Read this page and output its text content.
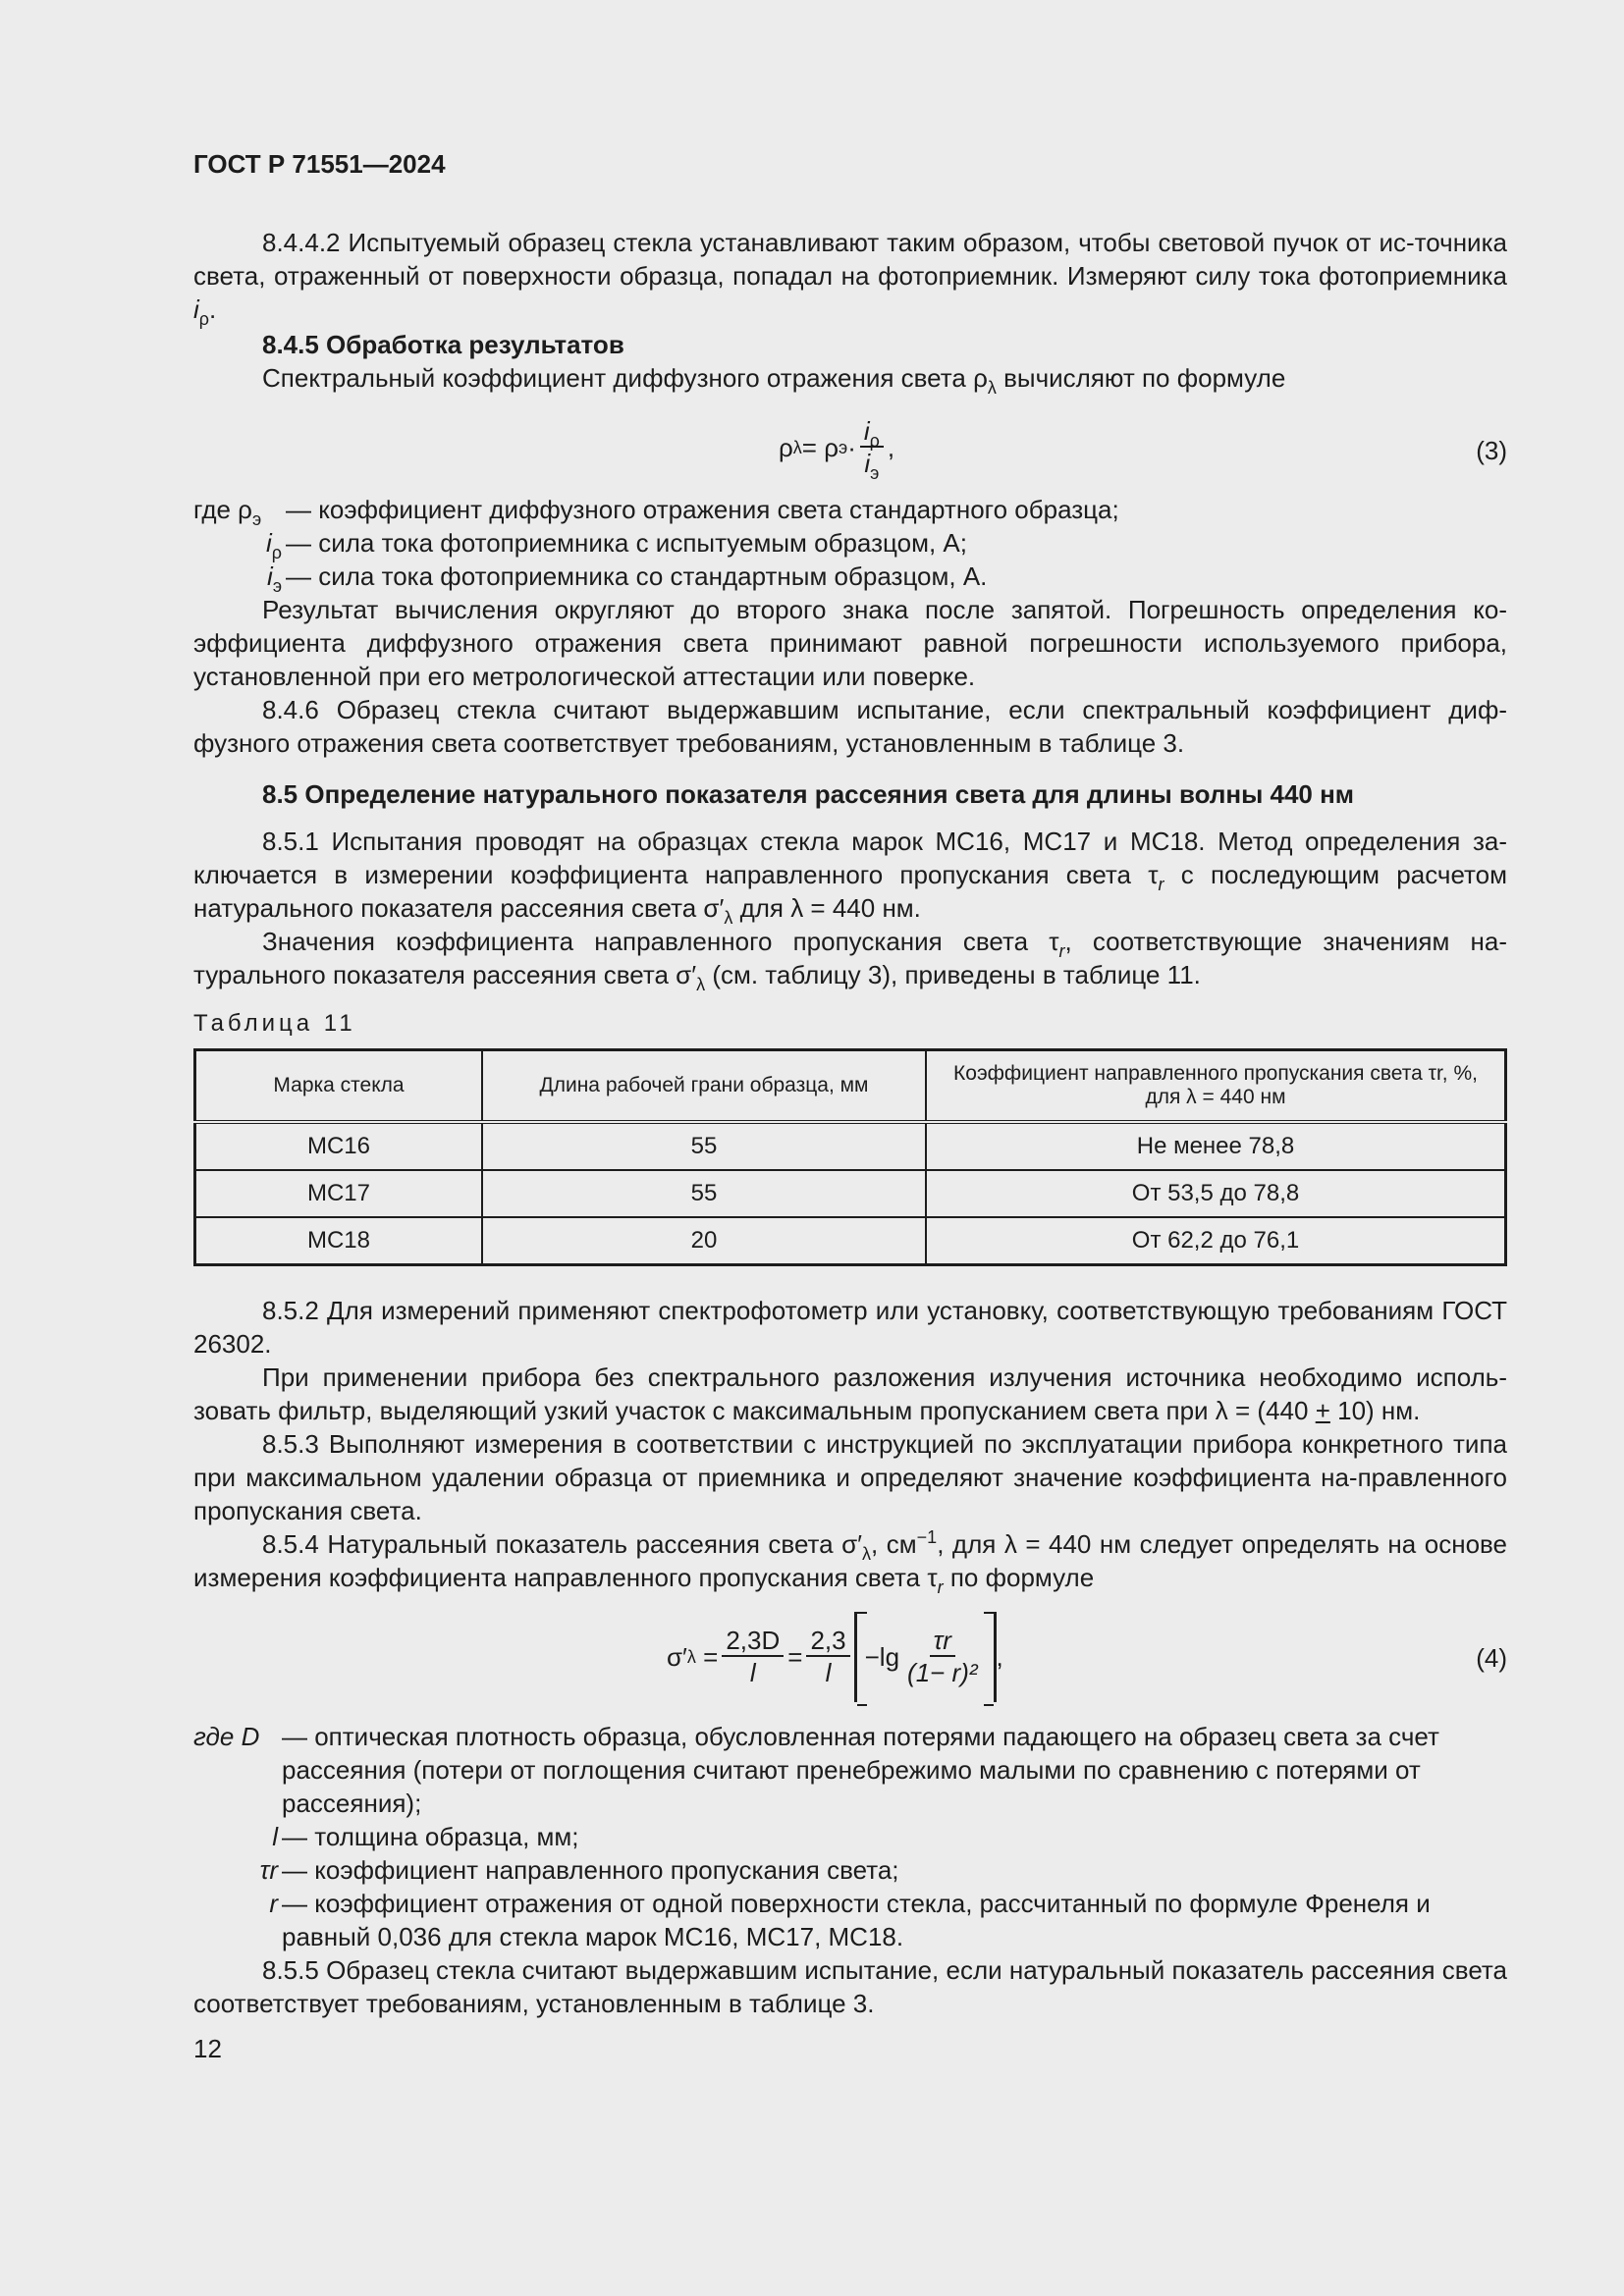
ГОСТ Р 71551—2024

8.4.4.2 Испытуемый образец стекла устанавливают таким образом, чтобы световой пучок от ис-точника света, отраженный от поверхности образца, попадал на фотоприемник. Измеряют силу тока фотоприемника $i_\rho$.

8.4.5 Обработка результатов

Спектральный коэффициент диффузного отражения света $\rho_\lambda$ вычисляют по формуле

ρ λ = ρ $э \cdot \frac{i_\rho}{i_э}$ ,	(3)
где $\rho_э$ — коэффициент диффузного отражения света стандартного образца;
$i_\rho$ — сила тока фотоприемника с испытуемым образцом, А;
$i_э$ — сила тока фотоприемника со стандартным образцом, А.

Результат вычисления округляют до второго знака после запятой. Погрешность определения ко-эффициента диффузного отражения света принимают равной погрешности используемого прибора, установленной при его метрологической аттестации или поверке.

8.4.6 Образец стекла считают выдержавшим испытание, если спектральный коэффициент диф-фузного отражения света соответствует требованиям, установленным в таблице 3.

8.5 Определение натурального показателя рассеяния света для длины волны 440 нм

8.5.1 Испытания проводят на образцах стекла марок МС16, МС17 и МС18. Метод определения за-ключается в измерении коэффициента направленного пропускания света $\tau_r$ с последующим расчетом натурального показателя рассеяния света $\sigma'_\lambda$ для λ = 440 нм.

Значения коэффициента направленного пропускания света $\tau_r$, соответствующие значениям на-турального показателя рассеяния света $\sigma'_\lambda$ (см. таблицу 3), приведены в таблице 11.

Таблица 11

Марка стекла	Длина рабочей грани образца, мм	Коэффициент направленного пропускания света τr, %, для λ = 440 нм
МС16	55	Не менее 78,8
МС17	55	От 53,5 до 78,8
МС18	20	От 62,2 до 76,1

8.5.2 Для измерений применяют спектрофотометр или установку, соответствующую требованиям ГОСТ 26302.

При применении прибора без спектрального разложения излучения источника необходимо исполь-зовать фильтр, выделяющий узкий участок с максимальным пропусканием света при λ = (440 + 10) нм.

8.5.3 Выполняют измерения в соответствии с инструкцией по эксплуатации прибора конкретного типа при максимальном удалении образца от приемника и определяют значение коэффициента на-правленного пропускания света.

8.5.4 Натуральный показатель рассеяния света $\sigma'_\lambda$, $см^{-1}$, для λ = 440 нм следует определять на основе измерения коэффициента направленного пропускания света $\tau_r$ по формуле

σ′ $\lambda = \frac{2,3D}{l} = \frac{2,3}{l} -\lg \frac{\tau r}{\text{(1− r)²}}$ ,	(4)
где D — оптическая плотность образца, обусловленная потерями падающего на образец света за счет рассеяния (потери от поглощения считают пренебрежимо малыми по сравнению с потерями от рассеяния);
l — толщина образца, мм;
τr — коэффициент направленного пропускания света;
r — коэффициент отражения от одной поверхности стекла, рассчитанный по формуле Френеля и равный 0,036 для стекла марок МС16, МС17, МС18.

8.5.5 Образец стекла считают выдержавшим испытание, если натуральный показатель рассеяния света соответствует требованиям, установленным в таблице 3.

12
